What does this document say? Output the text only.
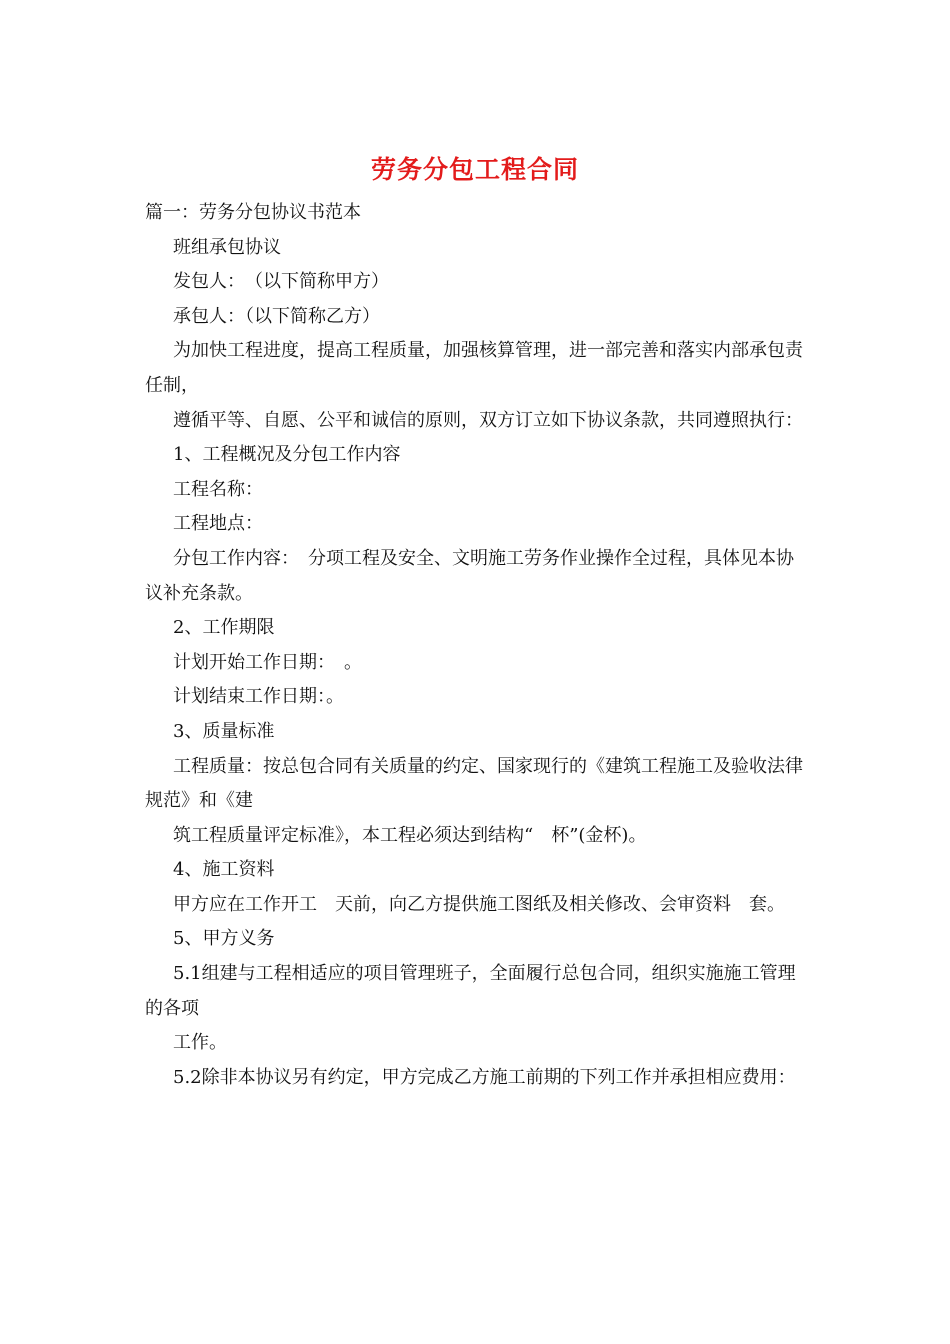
劳务分包工程合同

篇一：劳务分包协议书范本

班组承包协议

发包人：　（以下简称甲方）

承包人：（以下简称乙方）

为加快工程进度，提高工程质量，加强核算管理，进一部完善和落实内部承包责任制，

遵循平等、自愿、公平和诚信的原则，双方订立如下协议条款，共同遵照执行：

1、工程概况及分包工作内容

工程名称：

工程地点：

分包工作内容：　分项工程及安全、文明施工劳务作业操作全过程，具体见本协议补充条款。

2、工作期限

计划开始工作日期：　。

计划结束工作日期：。

3、质量标准

工程质量：按总包合同有关质量的约定、国家现行的《建筑工程施工及验收法律规范》和《建

筑工程质量评定标准》，本工程必须达到结构“　杯”(金杯)。

4、施工资料

甲方应在工作开工　天前，向乙方提供施工图纸及相关修改、会审资料　套。

5、甲方义务

5.1组建与工程相适应的项目管理班子，全面履行总包合同，组织实施施工管理的各项

工作。

5.2除非本协议另有约定，甲方完成乙方施工前期的下列工作并承担相应费用：
